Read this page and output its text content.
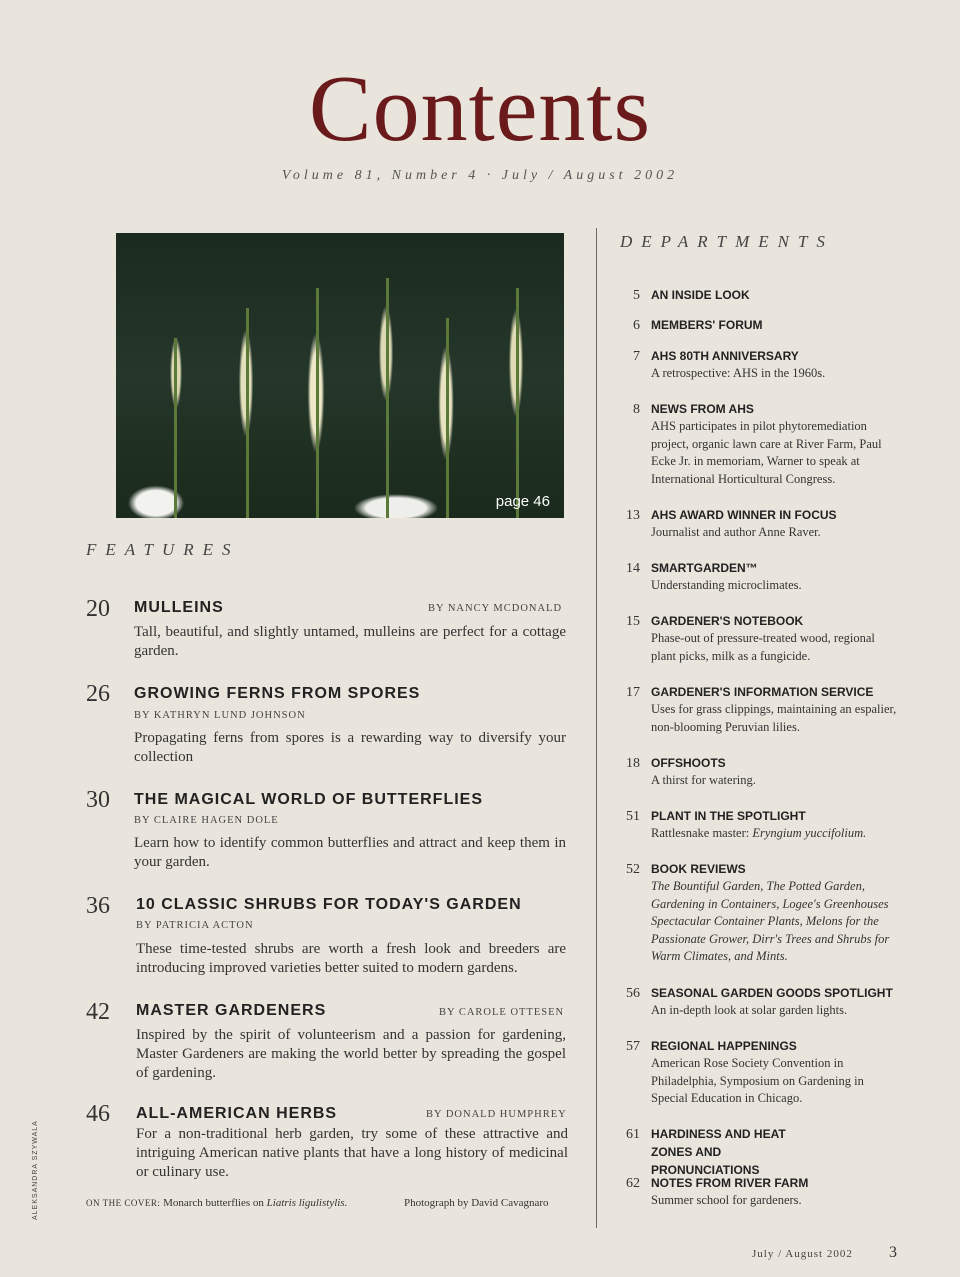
Contents
Volume 81, Number 4 · July / August 2002
page 46
FEATURES
20 MULLEINS	BY NANCY MCDONALD
Tall, beautiful, and slightly untamed, mulleins are perfect for a cottage garden.
26 GROWING FERNS FROM SPORES
BY KATHRYN LUND JOHNSON
Propagating ferns from spores is a rewarding way to diversify your collection
30 THE MAGICAL WORLD OF BUTTERFLIES
BY CLAIRE HAGEN DOLE
Learn how to identify common butterflies and attract and keep them in your garden.
36 10 CLASSIC SHRUBS FOR TODAY'S GARDEN
BY PATRICIA ACTON
These time-tested shrubs are worth a fresh look and breeders are introducing improved varieties better suited to modern gardens.
42 MASTER GARDENERS	BY CAROLE OTTESEN
Inspired by the spirit of volunteerism and a passion for gardening, Master Gardeners are making the world better by spreading the gospel of gardening.
46 ALL-AMERICAN HERBS	BY DONALD HUMPHREY
For a non-traditional herb garden, try some of these attractive and intriguing American native plants that have a long history of medicinal or culinary use.
ON THE COVER: Monarch butterflies on Liatris ligulistylis.	Photograph by David Cavagnaro
ALEKSANDRA SZYWALA
DEPARTMENTS
5 AN INSIDE LOOK
6 MEMBERS' FORUM
7 AHS 80TH ANNIVERSARY
A retrospective: AHS in the 1960s.
8 NEWS FROM AHS
AHS participates in pilot phytoremediation project, organic lawn care at River Farm, Paul Ecke Jr. in memoriam, Warner to speak at International Horticultural Congress.
13 AHS AWARD WINNER IN FOCUS
Journalist and author Anne Raver.
14 SMARTGARDEN™
Understanding microclimates.
15 GARDENER'S NOTEBOOK
Phase-out of pressure-treated wood, regional plant picks, milk as a fungicide.
17 GARDENER'S INFORMATION SERVICE
Uses for grass clippings, maintaining an espalier, non-blooming Peruvian lilies.
18 OFFSHOOTS
A thirst for watering.
51 PLANT IN THE SPOTLIGHT
Rattlesnake master: Eryngium yuccifolium.
52 BOOK REVIEWS
The Bountiful Garden, The Potted Garden, Gardening in Containers, Logee's Greenhouses Spectacular Container Plants, Melons for the Passionate Grower, Dirr's Trees and Shrubs for Warm Climates, and Mints.
56 SEASONAL GARDEN GOODS SPOTLIGHT
An in-depth look at solar garden lights.
57 REGIONAL HAPPENINGS
American Rose Society Convention in Philadelphia, Symposium on Gardening in Special Education in Chicago.
61 HARDINESS AND HEAT ZONES AND PRONUNCIATIONS
62 NOTES FROM RIVER FARM
Summer school for gardeners.
July / August 2002 3
